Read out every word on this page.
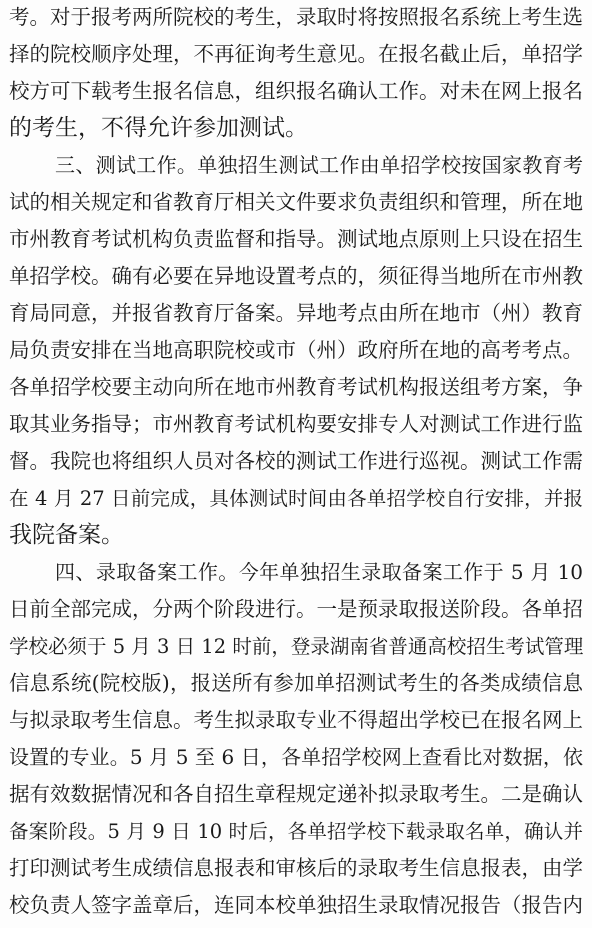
考。对于报考两所院校的考生，录取时将按照报名系统上考生选
择的院校顺序处理，不再征询考生意见。在报名截止后，单招学
校方可下载考生报名信息，组织报名确认工作。对未在网上报名
的考生，不得允许参加测试。
三、测试工作。单独招生测试工作由单招学校按国家教育考
试的相关规定和省教育厅相关文件要求负责组织和管理，所在地
市州教育考试机构负责监督和指导。测试地点原则上只设在招生
单招学校。确有必要在异地设置考点的，须征得当地所在市州教
育局同意，并报省教育厅备案。异地考点由所在地市（州）教育
局负责安排在当地高职院校或市（州）政府所在地的高考考点。
各单招学校要主动向所在地市州教育考试机构报送组考方案，争
取其业务指导；市州教育考试机构要安排专人对测试工作进行监
督。我院也将组织人员对各校的测试工作进行巡视。测试工作需
在 4 月 27 日前完成，具体测试时间由各单招学校自行安排，并报
我院备案。
四、录取备案工作。今年单独招生录取备案工作于 5 月 10
日前全部完成，分两个阶段进行。一是预录取报送阶段。各单招
学校必须于 5 月 3 日 12 时前，登录湖南省普通高校招生考试管理
信息系统(院校版)，报送所有参加单招测试考生的各类成绩信息
与拟录取考生信息。考生拟录取专业不得超出学校已在报名网上
设置的专业。5 月 5 至 6 日，各单招学校网上查看比对数据，依
据有效数据情况和各自招生章程规定递补拟录取考生。二是确认
备案阶段。5 月 9 日 10 时后，各单招学校下载录取名单，确认并
打印测试考生成绩信息报表和审核后的录取考生信息报表，由学
校负责人签字盖章后，连同本校单独招生录取情况报告（报告内
